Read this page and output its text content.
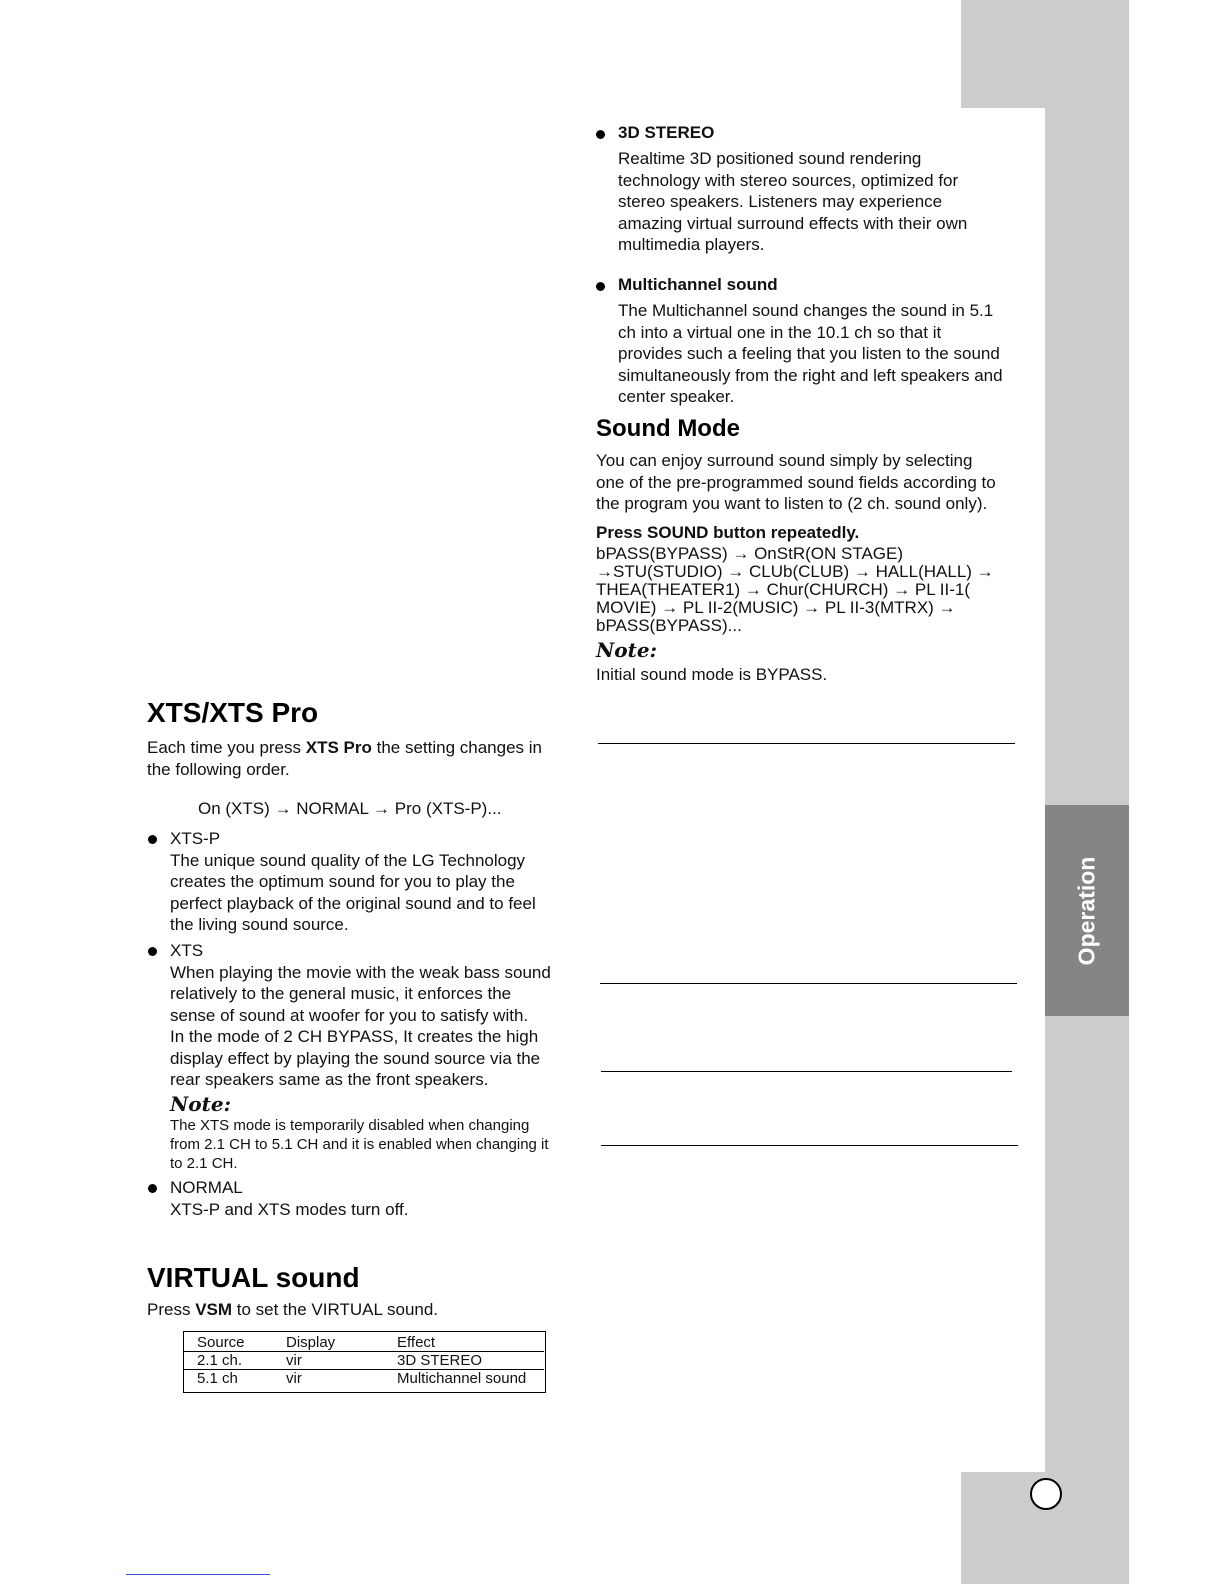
Operation
3D STEREO
Realtime 3D positioned sound rendering
technology with stereo sources, optimized for
stereo speakers. Listeners may experience
amazing virtual surround effects with their own
multimedia players.
Multichannel sound
The Multichannel sound changes the sound in 5.1
ch into a virtual one in the 10.1 ch so that it
provides such a feeling that you listen to the sound
simultaneously from the right and left speakers and
center speaker.
Sound Mode
You can enjoy surround sound simply by selecting
one of the pre-programmed sound fields according to
the program you want to listen to (2 ch. sound only).
Press SOUND button repeatedly.
bPASS(BYPASS) → OnStR(ON STAGE)
→STU(STUDIO) → CLUb(CLUB) → HALL(HALL) →
THEA(THEATER1) → Chur(CHURCH) → PL II-1(
MOVIE) → PL II-2(MUSIC) → PL II-3(MTRX) →
bPASS(BYPASS)...
Note:
Initial sound mode is BYPASS.
XTS/XTS Pro
Each time you press XTS Pro the setting changes in
the following order.
On (XTS) → NORMAL → Pro (XTS-P)...
XTS-P
The unique sound quality of the LG Technology
creates the optimum sound for you to play the
perfect playback of the original sound and to feel
the living sound source.
XTS
When playing the movie with the weak bass sound
relatively to the general music, it enforces the
sense of sound at woofer for you to satisfy with.
In the mode of 2 CH BYPASS, It creates the high
display effect by playing the sound source via the
rear speakers same as the front speakers.
Note:
The XTS mode is temporarily disabled when changing
from 2.1 CH to 5.1 CH and it is enabled when changing it
to 2.1 CH.
NORMAL
XTS-P and XTS modes turn off.
VIRTUAL sound
Press VSM to set the VIRTUAL sound.
Source	Display	Effect
2.1 ch.	vir	3D STEREO
5.1 ch	vir	Multichannel sound
